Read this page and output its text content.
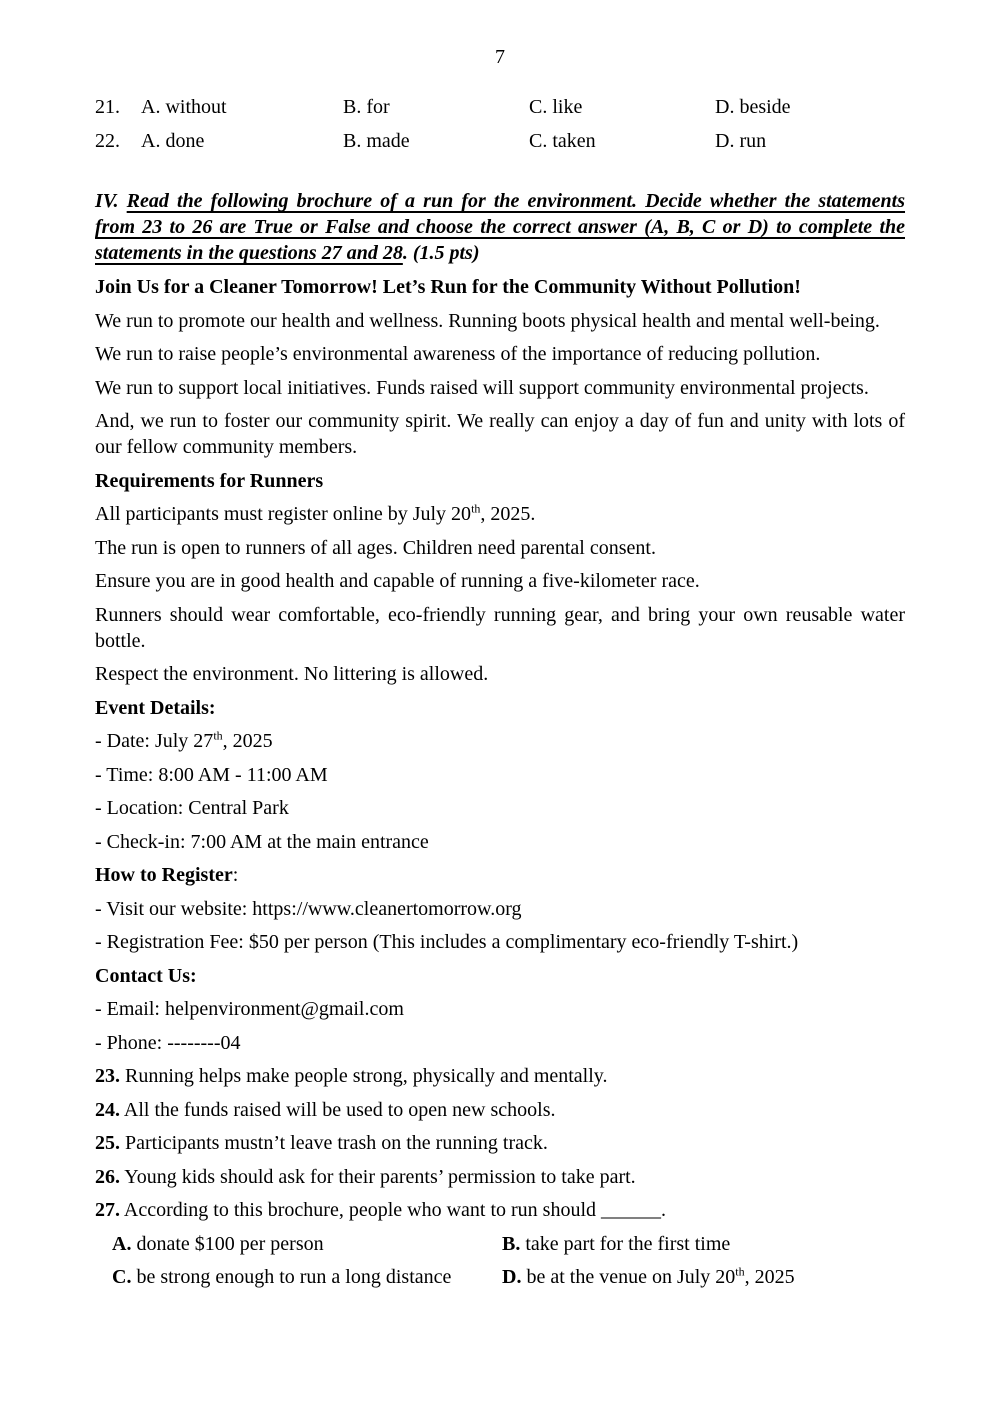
7
21.	A. without	B. for	C. like	D. beside
22.	A. done	B. made	C. taken	D. run
IV. Read the following brochure of a run for the environment. Decide whether the statements from 23 to 26 are True or False and choose the correct answer (A, B, C or D) to complete the statements in the questions 27 and 28. (1.5 pts)

Join Us for a Cleaner Tomorrow! Let’s Run for the Community Without Pollution!

We run to promote our health and wellness. Running boots physical health and mental well-being.

We run to raise people’s environmental awareness of the importance of reducing pollution.

We run to support local initiatives. Funds raised will support community environmental projects.

And, we run to foster our community spirit. We really can enjoy a day of fun and unity with lots of our fellow community members.

Requirements for Runners

All participants must register online by July 20th, 2025.

The run is open to runners of all ages. Children need parental consent.

Ensure you are in good health and capable of running a five-kilometer race.

Runners should wear comfortable, eco-friendly running gear, and bring your own reusable water bottle.

Respect the environment. No littering is allowed.

Event Details:

- Date: July 27th, 2025

- Time: 8:00 AM - 11:00 AM

- Location: Central Park

- Check-in: 7:00 AM at the main entrance

How to Register:

- Visit our website: https://www.cleanertomorrow.org

- Registration Fee: $50 per person (This includes a complimentary eco-friendly T-shirt.)

Contact Us:

- Email: helpenvironment@gmail.com

- Phone: --------04

23. Running helps make people strong, physically and mentally.

24. All the funds raised will be used to open new schools.

25. Participants mustn’t leave trash on the running track.

26. Young kids should ask for their parents’ permission to take part.

27. According to this brochure, people who want to run should ______.

A. donate $100 per person	B. take part for the first time
C. be strong enough to run a long distance	D. be at the venue on July 20th, 2025
